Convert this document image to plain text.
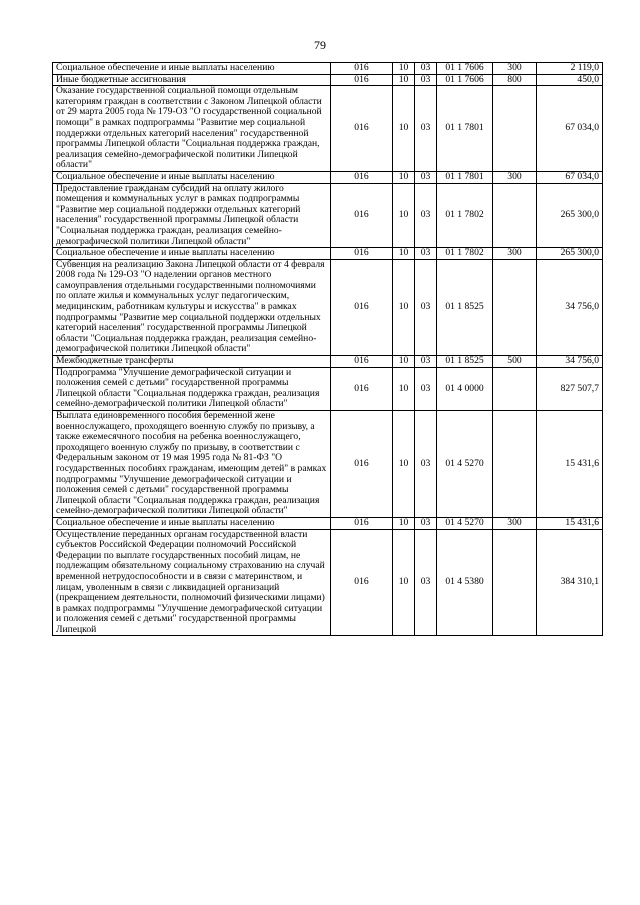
79
Социальное обеспечение и иные выплаты населению	016	10	03	01 1 7606	300	2 119,0
Иные бюджетные ассигнования	016	10	03	01 1 7606	800	450,0
Оказание государственной социальной помощи отдельным категориям граждан в соответствии с Законом Липецкой области от 29 марта 2005 года № 179-ОЗ "О государственной социальной помощи" в рамках подпрограммы "Развитие мер социальной поддержки отдельных категорий населения" государственной программы Липецкой области "Социальная поддержка граждан, реализация семейно-демографической политики Липецкой области"	016	10	03	01 1 7801		67 034,0
Социальное обеспечение и иные выплаты населению	016	10	03	01 1 7801	300	67 034,0
Предоставление гражданам субсидий на оплату жилого помещения и коммунальных услуг в рамках подпрограммы "Развитие мер социальной поддержки отдельных категорий населения" государственной программы Липецкой области "Социальная поддержка граждан, реализация семейно-демографической политики Липецкой области"	016	10	03	01 1 7802		265 300,0
Социальное обеспечение и иные выплаты населению	016	10	03	01 1 7802	300	265 300,0
Субвенция на реализацию Закона Липецкой области от 4 февраля 2008 года № 129-ОЗ "О наделении органов местного самоуправления отдельными государственными полномочиями по оплате жилья и коммунальных услуг педагогическим, медицинским, работникам культуры и искусства" в рамках подпрограммы "Развитие мер социальной поддержки отдельных категорий населения" государственной программы Липецкой области "Социальная поддержка граждан, реализация семейно-демографической политики Липецкой области"	016	10	03	01 1 8525		34 756,0
Межбюджетные трансферты	016	10	03	01 1 8525	500	34 756,0
Подпрограмма "Улучшение демографической ситуации и положения семей с детьми" государственной программы Липецкой области "Социальная поддержка граждан, реализация семейно-демографической политики Липецкой области"	016	10	03	01 4 0000		827 507,7
Выплата единовременного пособия беременной жене военнослужащего, проходящего военную службу по призыву, а также ежемесячного пособия на ребенка военнослужащего, проходящего военную службу по призыву, в соответствии с Федеральным законом от 19 мая 1995 года № 81-ФЗ "О государственных пособиях гражданам, имеющим детей" в рамках подпрограммы "Улучшение демографической ситуации и положения семей с детьми" государственной программы Липецкой области "Социальная поддержка граждан, реализация семейно-демографической политики Липецкой области"	016	10	03	01 4 5270		15 431,6
Социальное обеспечение и иные выплаты населению	016	10	03	01 4 5270	300	15 431,6
Осуществление переданных органам государственной власти субъектов Российской Федерации полномочий Российской Федерации по выплате государственных пособий лицам, не подлежащим обязательному социальному страхованию на случай временной нетрудоспособности и в связи с материнством, и лицам, уволенным в связи с ликвидацией организаций (прекращением деятельности, полномочий физическими лицами) в рамках подпрограммы "Улучшение демографической ситуации и положения семей с детьми" государственной программы Липецкой	016	10	03	01 4 5380		384 310,1
